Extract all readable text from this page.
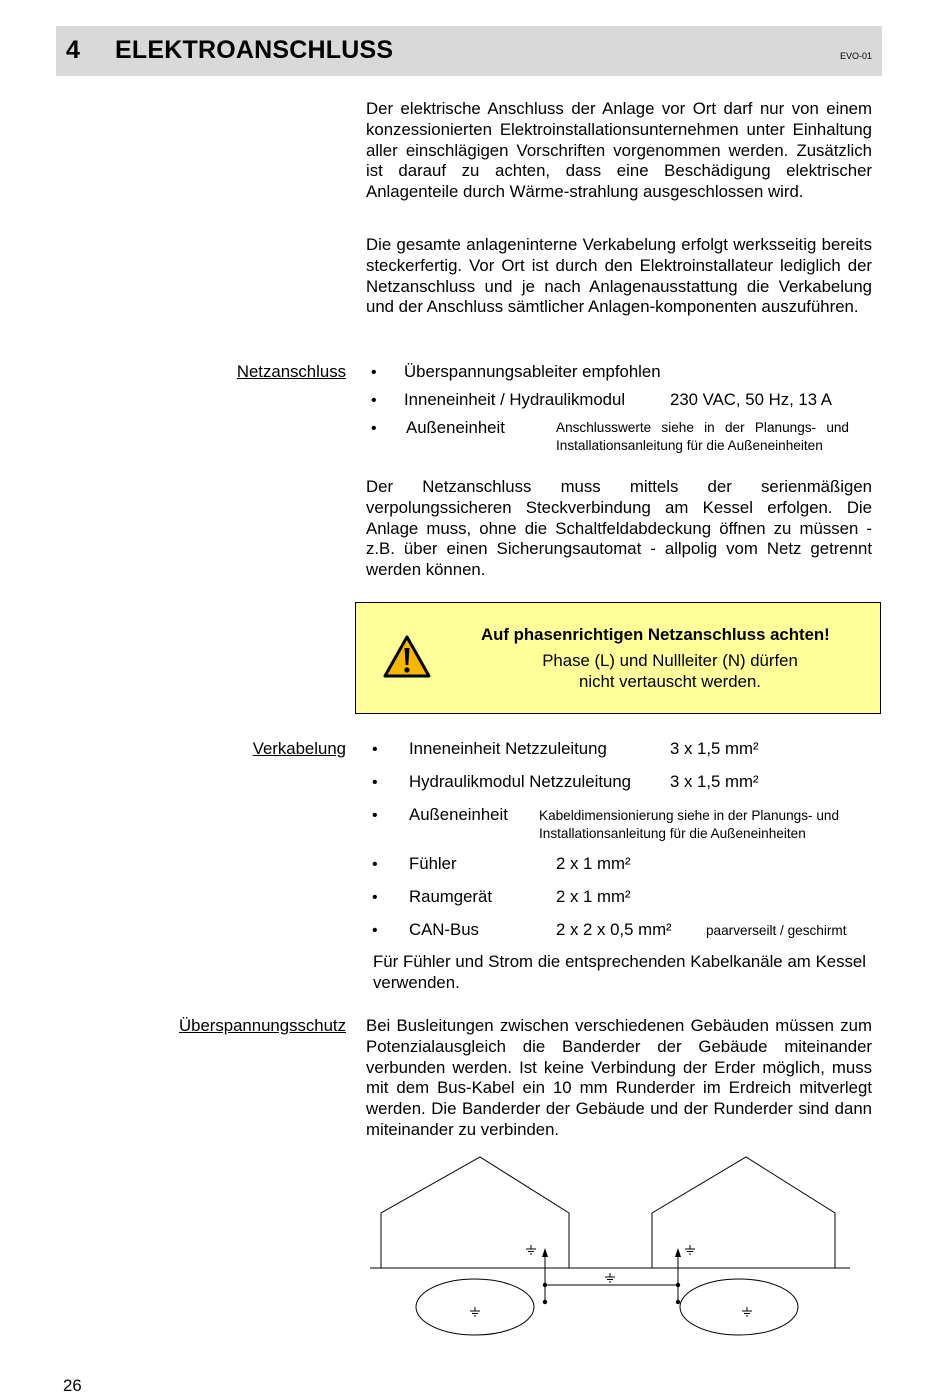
4 ELEKTROANSCHLUSS	EVO-01

Der elektrische Anschluss der Anlage vor Ort darf nur von einem konzessionierten Elektroinstallationsunternehmen unter Einhaltung aller einschlägigen Vorschriften vorgenommen werden. Zusätzlich ist darauf zu achten, dass eine Beschädigung elektrischer Anlagenteile durch Wärme-strahlung ausgeschlossen wird.

Die gesamte anlageninterne Verkabelung erfolgt werksseitig bereits steckerfertig. Vor Ort ist durch den Elektroinstallateur lediglich der Netzanschluss und je nach Anlagenausstattung die Verkabelung und der Anschluss sämtlicher Anlagen-komponenten auszuführen.

Netzanschluss • Überspannungsableiter empfohlen
• Inneneinheit / Hydraulikmodul	230 VAC, 50 Hz, 13 A
• Außeneinheit	Anschlusswerte siehe in der Planungs- und
Installationsanleitung für die Außeneinheiten

Der Netzanschluss muss mittels der serienmäßigen verpolungssicheren Steckverbindung am Kessel erfolgen. Die Anlage muss, ohne die Schaltfeldabdeckung öffnen zu müssen - z.B. über einen Sicherungsautomat - allpolig vom Netz getrennt werden können.

Auf phasenrichtigen Netzanschluss achten!
Phase (L) und Nullleiter (N) dürfen
nicht vertauscht werden.
Verkabelung • Inneneinheit Netzzuleitung	3 x 1,5 mm²
• Hydraulikmodul Netzzuleitung 3 x 1,5 mm²
• Außeneinheit Kabeldimensionierung siehe in der Planungs- und
Installationsanleitung für die Außeneinheiten
• Fühler	2 x 1 mm²
• Raumgerät	2 x 1 mm²
• CAN-Bus	2 x 2 x 0,5 mm²	paarverseilt / geschirmt

Für Fühler und Strom die entsprechenden Kabelkanäle am Kessel verwenden.

Überspannungsschutz Bei Busleitungen zwischen verschiedenen Gebäuden müssen zum Potenzialausgleich die Banderder der Gebäude miteinander verbunden werden. Ist keine Verbindung der Erder möglich, muss mit dem Bus-Kabel ein 10 mm Runderder im Erdreich mitverlegt werden. Die Banderder der Gebäude und der Runderder sind dann miteinander zu verbinden.

26
